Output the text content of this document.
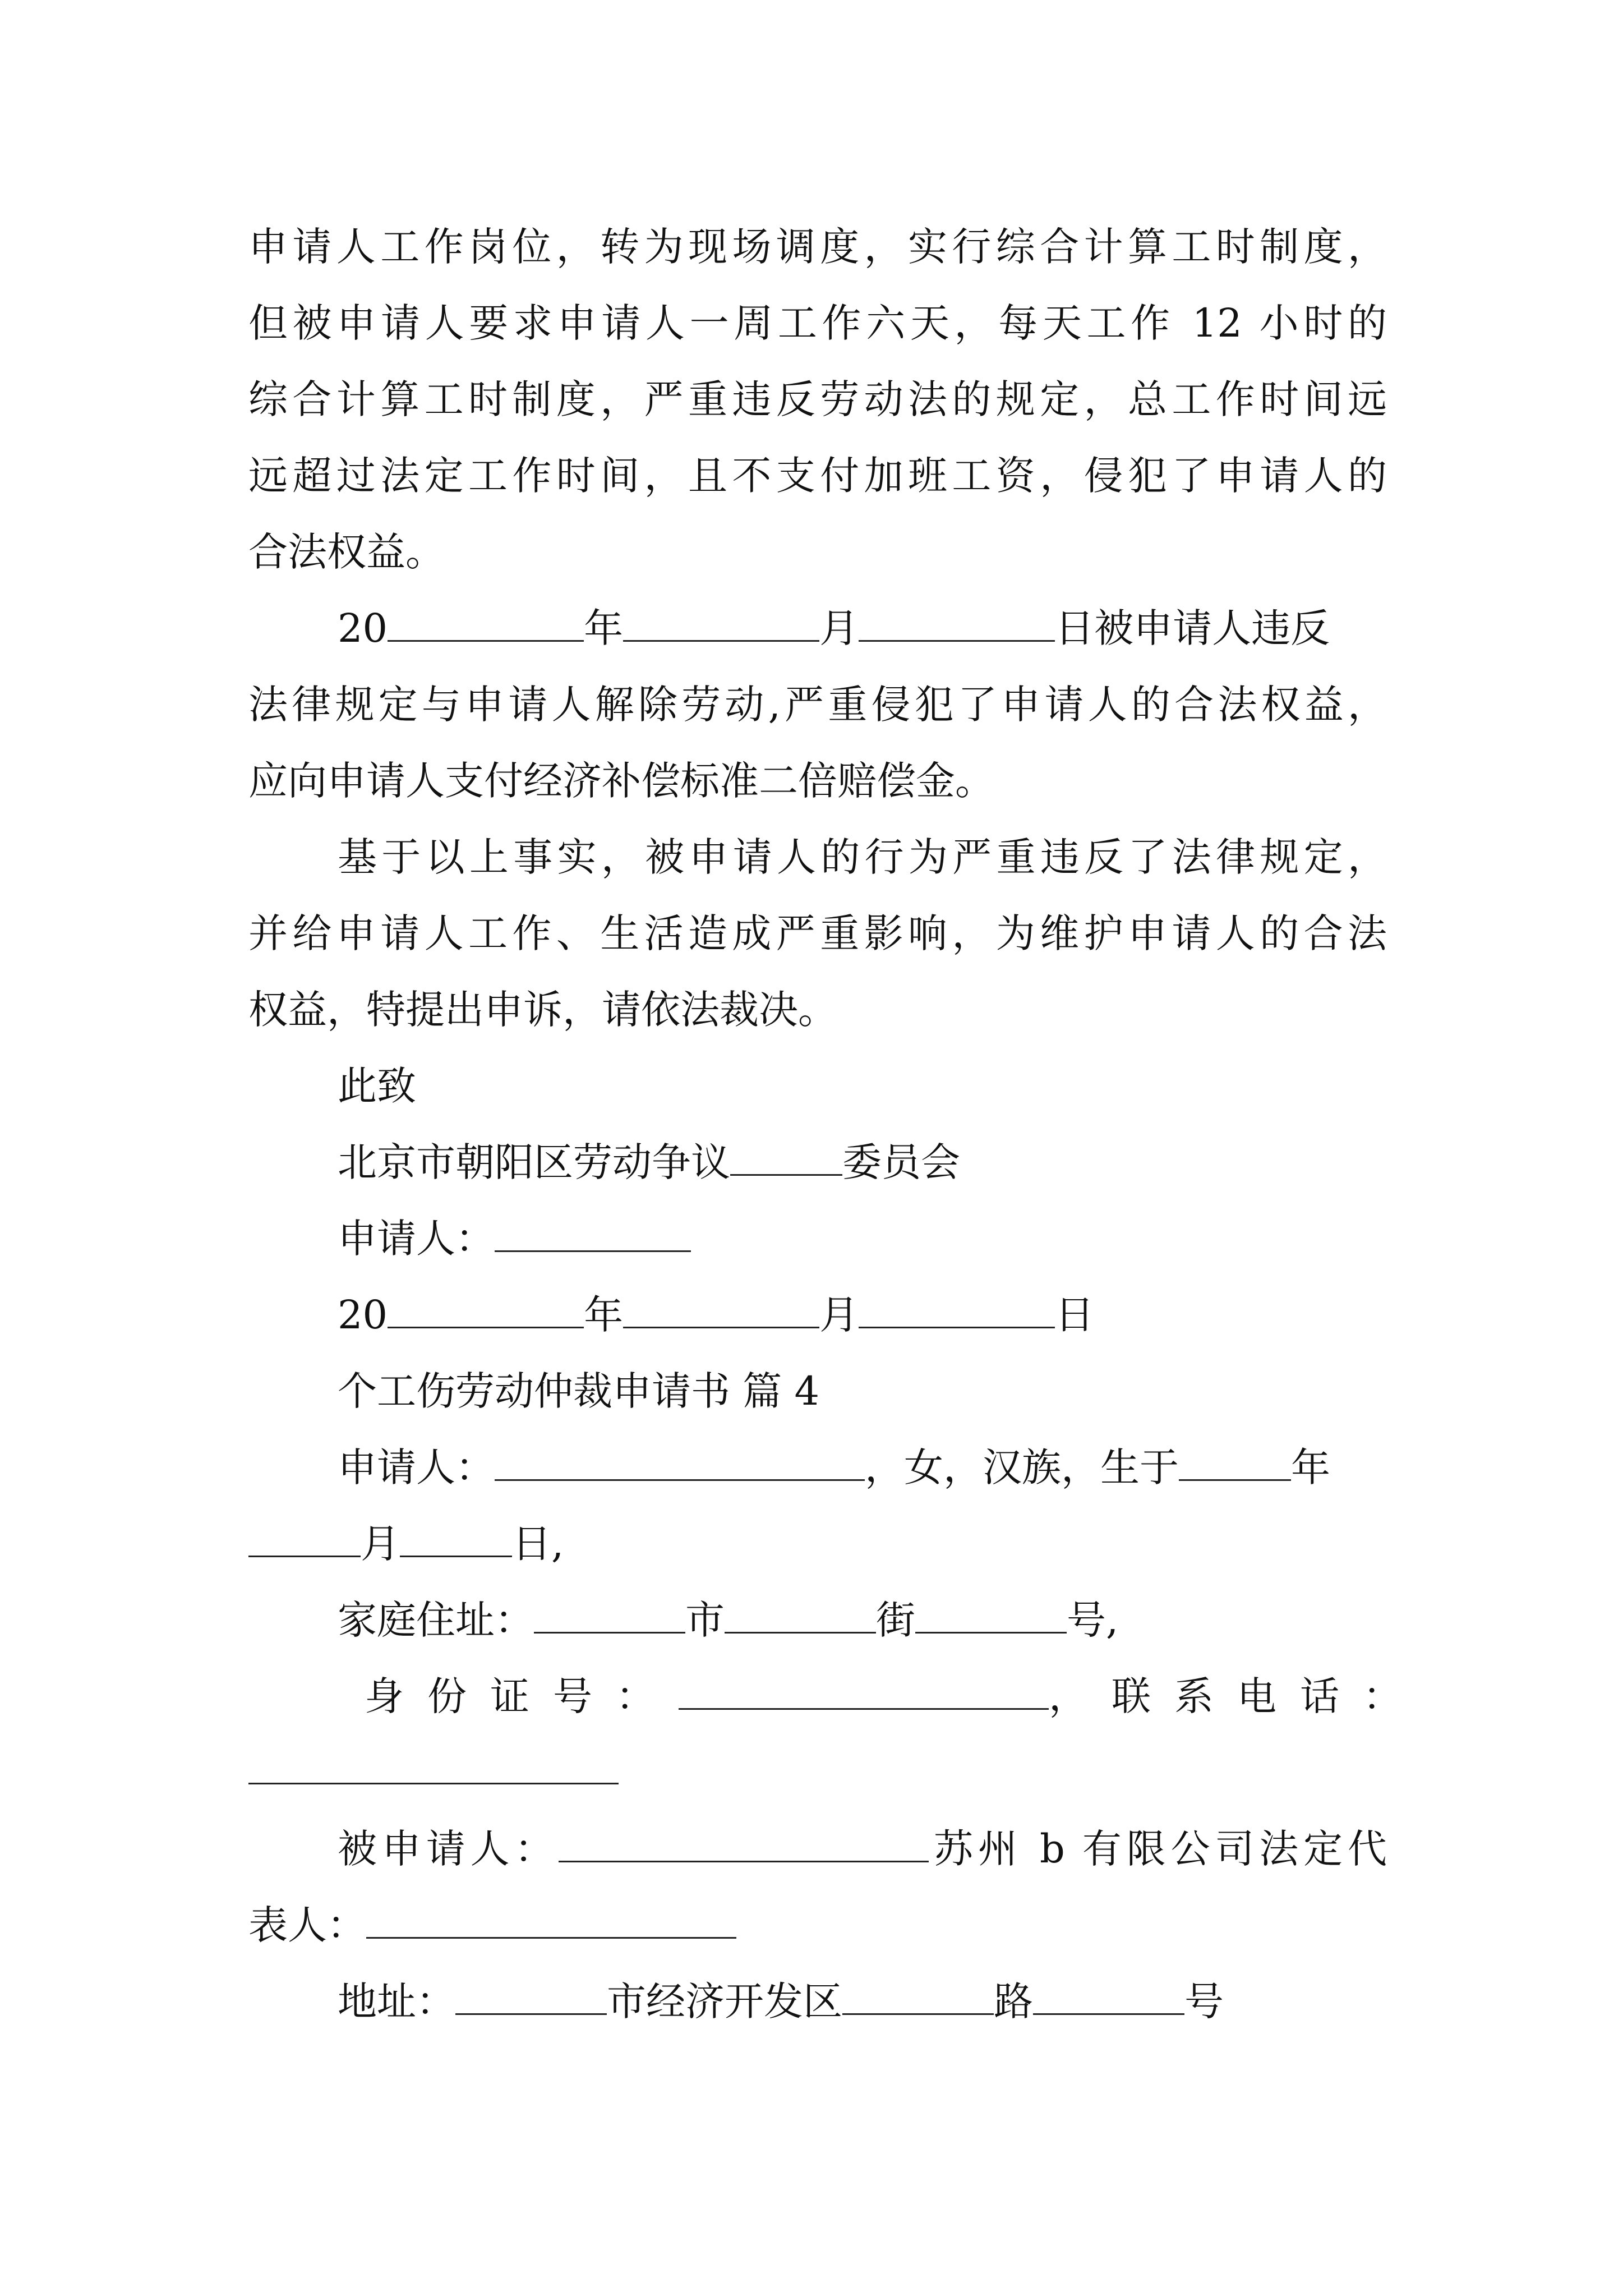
申请人工作岗位，转为现场调度，实行综合计算工时制度，
但被申请人要求申请人一周工作六天，每天工作 12 小时的
综合计算工时制度，严重违反劳动法的规定，总工作时间远
远超过法定工作时间，且不支付加班工资，侵犯了申请人的
合法权益。
20	年	月	日被申请人违反
法律规定与申请人解除劳动,严重侵犯了申请人的合法权益，
应向申请人支付经济补偿标准二倍赔偿金。
基于以上事实，被申请人的行为严重违反了法律规定，
并给申请人工作、生活造成严重影响，为维护申请人的合法
权益，特提出申诉，请依法裁决。
此致
北京市朝阳区劳动争议	委员会
申请人：
20	年	月	日
个工伤劳动仲裁申请书 篇 4
申请人：	，女，汉族，生于	年
月	日,
家庭住址：	市	街	号,
身份证号：	，联系电话：
被申请人：	苏州 b 有限公司法定代
表人：
地址：	市经济开发区	路	号
